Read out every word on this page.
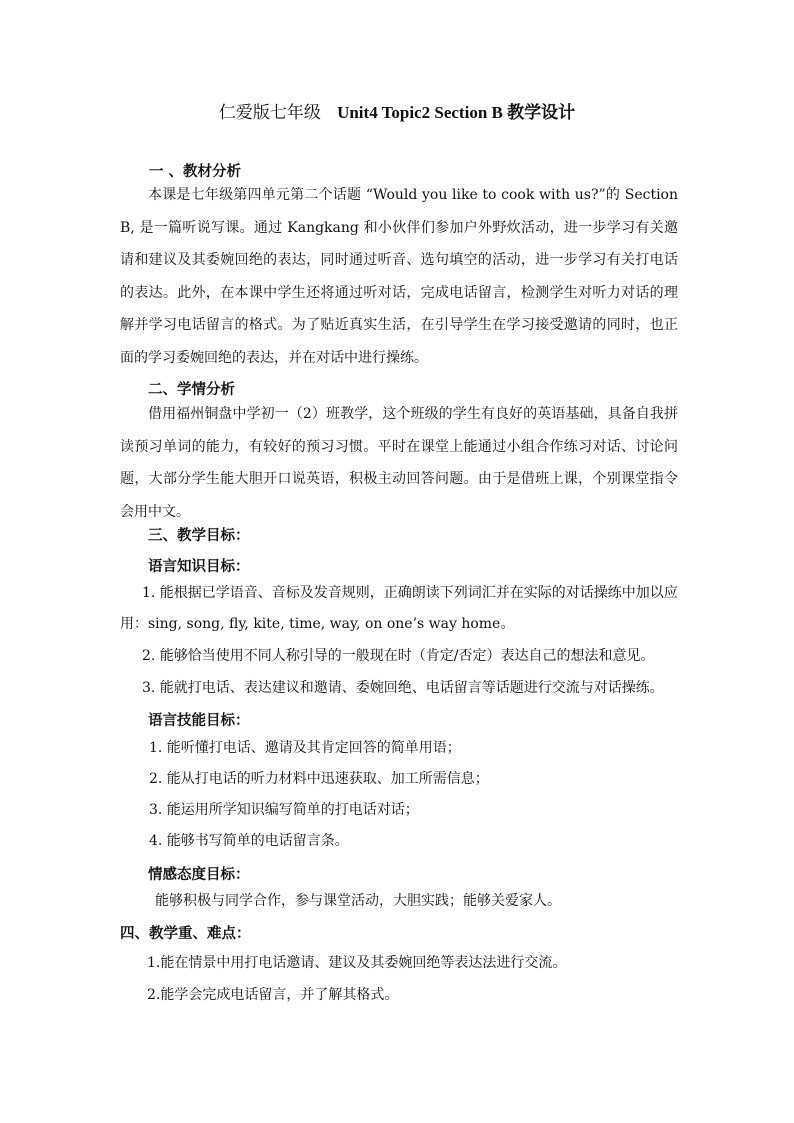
仁爱版七年级 Unit4 Topic2 Section B 教学设计
一 、教材分析

本课是七年级第四单元第二个话题 “Would you like to cook with us?”的 Section B, 是一篇听说写课。通过 Kangkang 和小伙伴们参加户外野炊活动，进一步学习有关邀请和建议及其委婉回绝的表达，同时通过听音、选句填空的活动，进一步学习有关打电话的表达。此外，在本课中学生还将通过听对话，完成电话留言，检测学生对听力对话的理解并学习电话留言的格式。为了贴近真实生活，在引导学生在学习接受邀请的同时，也正面的学习委婉回绝的表达，并在对话中进行操练。

二、学情分析

借用福州铜盘中学初一（2）班教学，这个班级的学生有良好的英语基础，具备自我拼读预习单词的能力，有较好的预习习惯。平时在课堂上能通过小组合作练习对话、讨论问题，大部分学生能大胆开口说英语，积极主动回答问题。由于是借班上课，个别课堂指令会用中文。

三、教学目标：
语言知识目标：
1. 能根据已学语音、音标及发音规则，正确朗读下列词汇并在实际的对话操练中加以应
用：sing, song, fly, kite, time, way, on one’s way home。
2. 能够恰当使用不同人称引导的一般现在时（肯定/否定）表达自己的想法和意见。
3. 能就打电话、表达建议和邀请、委婉回绝、电话留言等话题进行交流与对话操练。
语言技能目标：
1. 能听懂打电话、邀请及其肯定回答的简单用语；
2. 能从打电话的听力材料中迅速获取、加工所需信息；
3. 能运用所学知识编写简单的打电话对话；
4. 能够书写简单的电话留言条。
情感态度目标：
能够积极与同学合作，参与课堂活动，大胆实践；能够关爱家人。
四、教学重、难点：
1.能在情景中用打电话邀请、建议及其委婉回绝等表达法进行交流。
2.能学会完成电话留言，并了解其格式。
